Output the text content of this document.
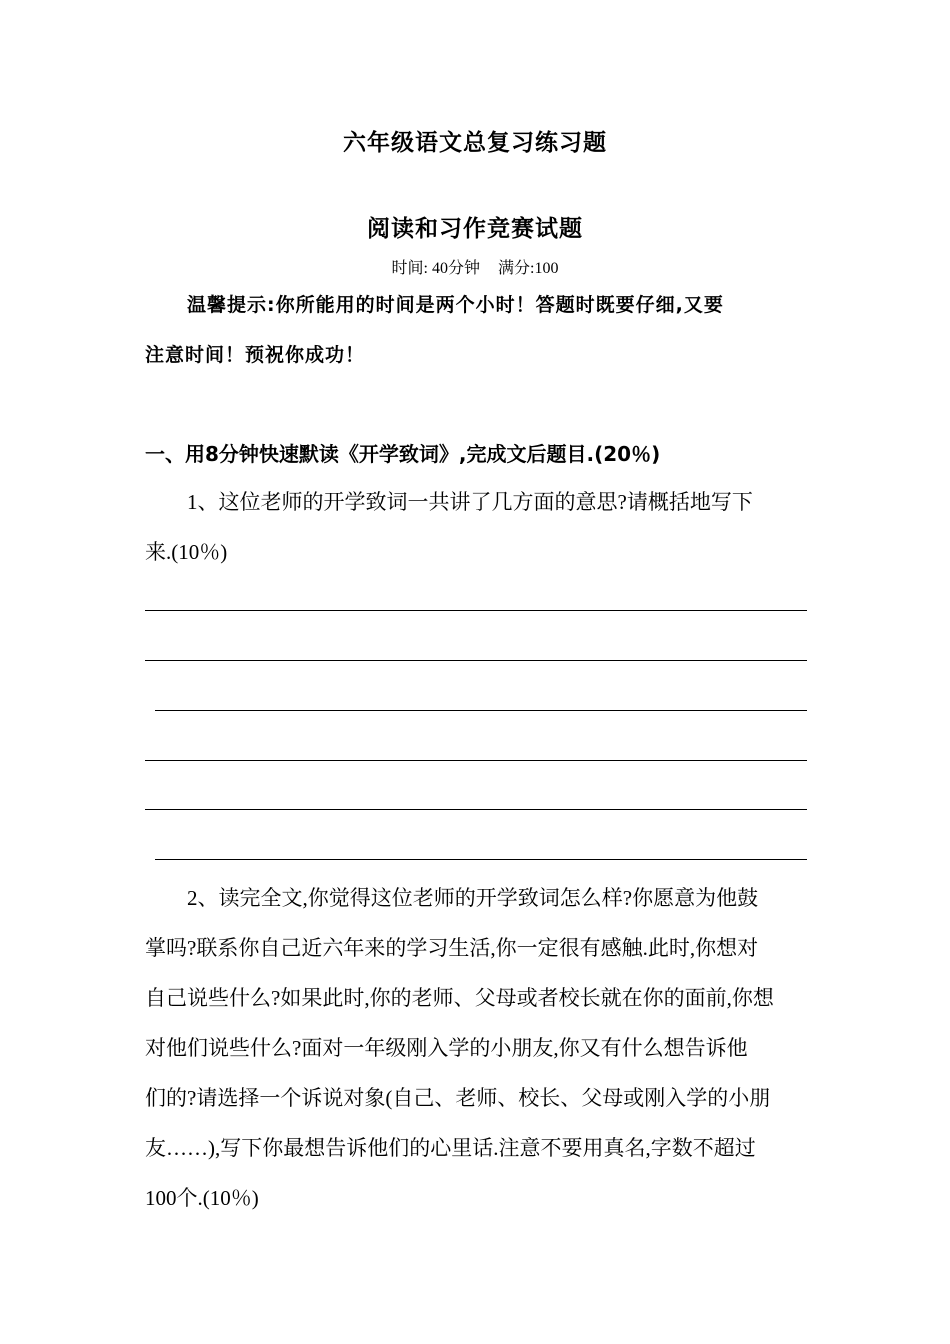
六年级语文总复习练习题
阅读和习作竞赛试题
时间: 40分钟 满分:100
温馨提示:你所能用的时间是两个小时！答题时既要仔细,又要
注意时间！预祝你成功！
一、用8分钟快速默读《开学致词》,完成文后题目.(20％)
1、这位老师的开学致词一共讲了几方面的意思?请概括地写下
来.(10％)
2、读完全文,你觉得这位老师的开学致词怎么样?你愿意为他鼓
掌吗?联系你自己近六年来的学习生活,你一定很有感触.此时,你想对
自己说些什么?如果此时,你的老师、父母或者校长就在你的面前,你想
对他们说些什么?面对一年级刚入学的小朋友,你又有什么想告诉他
们的?请选择一个诉说对象(自己、老师、校长、父母或刚入学的小朋
友……),写下你最想告诉他们的心里话.注意不要用真名,字数不超过
100个.(10％)
